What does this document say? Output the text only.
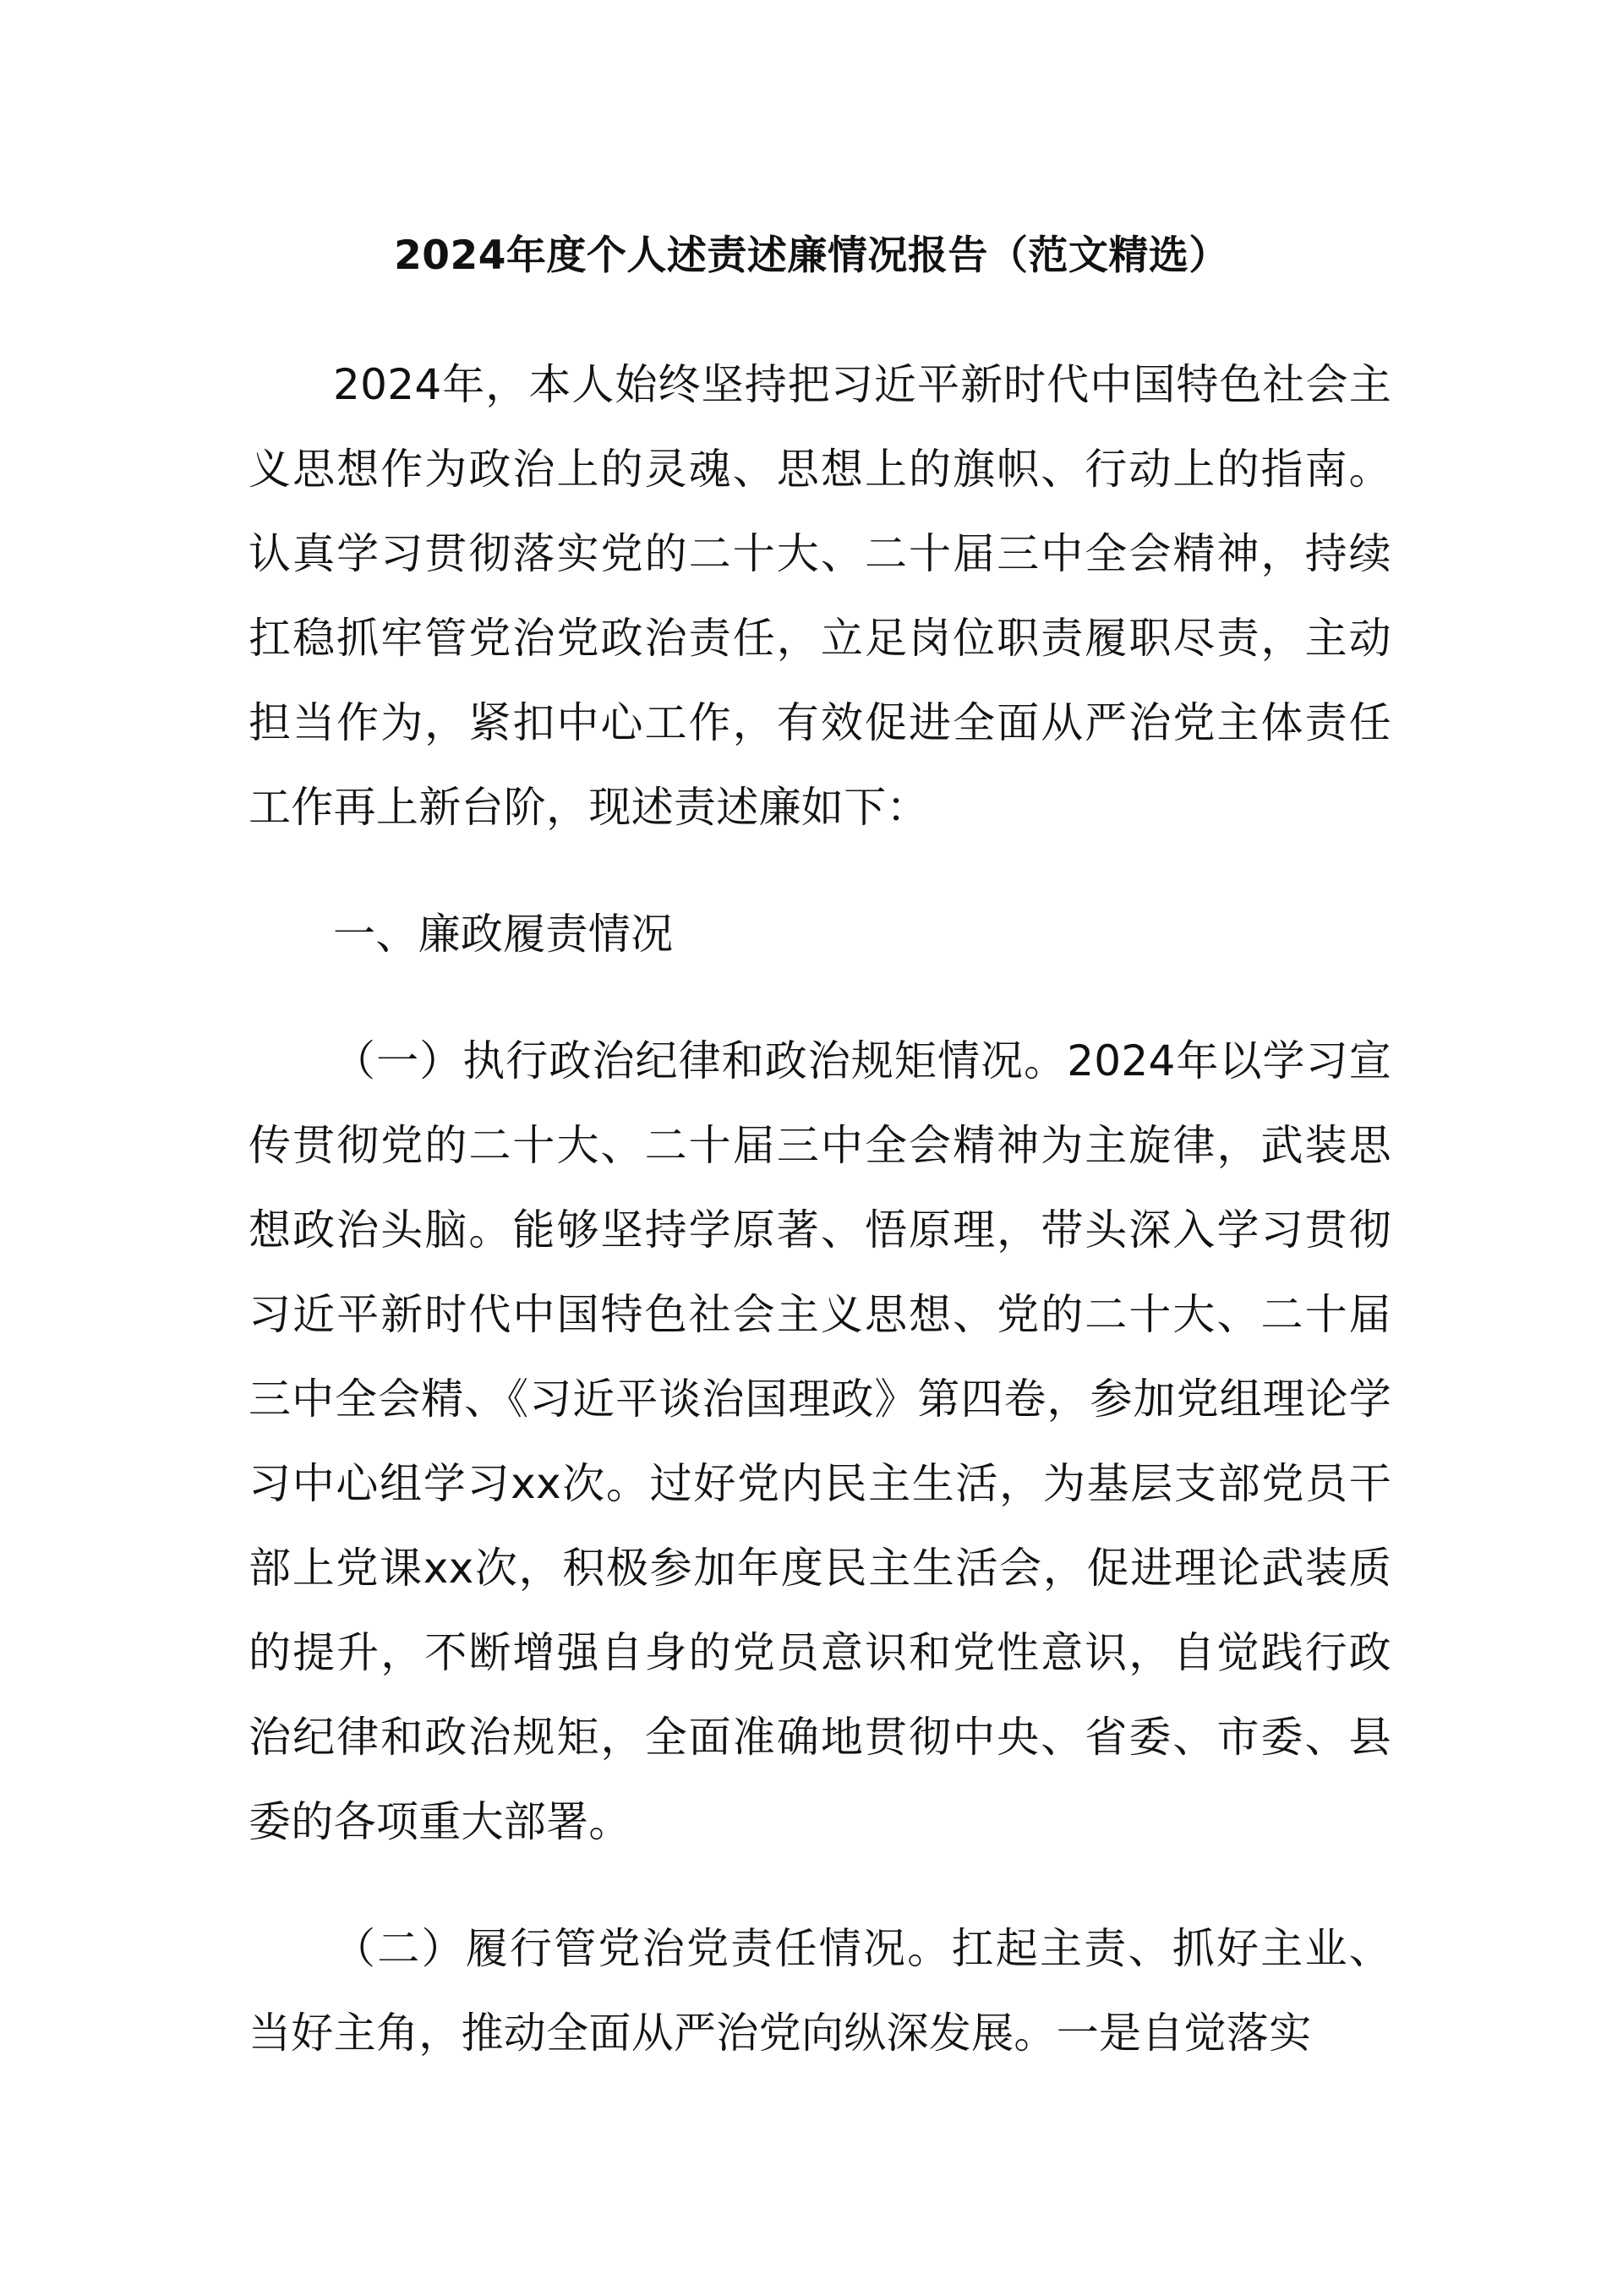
2024年度个人述责述廉情况报告（范文精选）

2024年，本人始终坚持把习近平新时代中国特色社会主义思想作为政治上的灵魂、思想上的旗帜、行动上的指南。认真学习贯彻落实党的二十大、二十届三中全会精神，持续扛稳抓牢管党治党政治责任，立足岗位职责履职尽责，主动担当作为，紧扣中心工作，有效促进全面从严治党主体责任工作再上新台阶，现述责述廉如下：

一、廉政履责情况

（一）执行政治纪律和政治规矩情况。2024年以学习宣传贯彻党的二十大、二十届三中全会精神为主旋律，武装思想政治头脑。能够坚持学原著、悟原理，带头深入学习贯彻习近平新时代中国特色社会主义思想、党的二十大、二十届三中全会精、《习近平谈治国理政》第四卷，参加党组理论学习中心组学习xx次。过好党内民主生活，为基层支部党员干部上党课xx次，积极参加年度民主生活会，促进理论武装质的提升，不断增强自身的党员意识和党性意识，自觉践行政治纪律和政治规矩，全面准确地贯彻中央、省委、市委、县委的各项重大部署。

（二）履行管党治党责任情况。扛起主责、抓好主业、当好主角，推动全面从严治党向纵深发展。一是自觉落实
